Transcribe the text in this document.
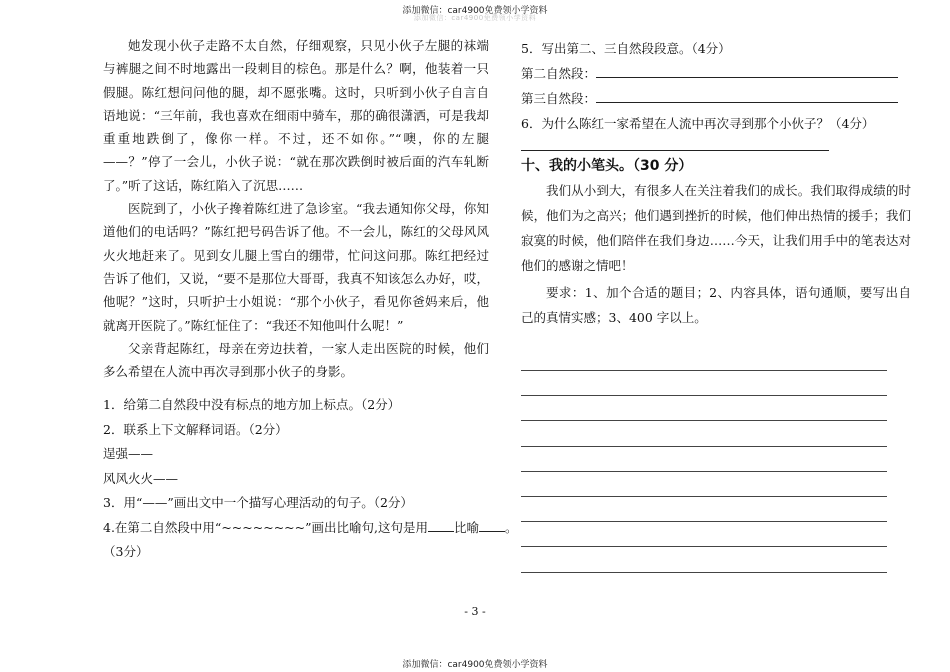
添加微信：car4900免费领小学资料
添加微信：car4900免费领小学资料

她发现小伙子走路不太自然，仔细观察，只见小伙子左腿的袜端与裤腿之间不时地露出一段刺目的棕色。那是什么？啊，他装着一只假腿。陈红想问问他的腿，却不愿张嘴。这时，只听到小伙子自言自语地说：“三年前，我也喜欢在细雨中骑车，那的确很潇洒，可是我却重重地跌倒了，像你一样。不过，还不如你。”“噢，你的左腿——？”停了一会儿，小伙子说：“就在那次跌倒时被后面的汽车轧断了。”听了这话，陈红陷入了沉思……

医院到了，小伙子搀着陈红进了急诊室。“我去通知你父母，你知道他们的电话吗？”陈红把号码告诉了他。不一会儿，陈红的父母风风火火地赶来了。见到女儿腿上雪白的绷带，忙问这问那。陈红把经过告诉了他们，又说，“要不是那位大哥哥，我真不知该怎么办好，哎，他呢？”这时，只听护士小姐说：“那个小伙子，看见你爸妈来后，他就离开医院了。”陈红怔住了：“我还不知他叫什么呢！”

父亲背起陈红，母亲在旁边扶着，一家人走出医院的时候，他们多么希望在人流中再次寻到那小伙子的身影。

1．给第二自然段中没有标点的地方加上标点。（2分）

2．联系上下文解释词语。（2分）

逞强——

风风火火——

3．用“——”画出文中一个描写心理活动的句子。（2分）

4.在第二自然段中用“~~~~~~~~”画出比喻句,这句是用 比喻 。

（3分）

5．写出第二、三自然段段意。（4分）

第二自然段：

第三自然段：

6．为什么陈红一家希望在人流中再次寻到那个小伙子？（4分）

十、我的小笔头。（30 分）

我们从小到大，有很多人在关注着我们的成长。我们取得成绩的时候，他们为之高兴；他们遇到挫折的时候，他们伸出热情的援手；我们寂寞的时候，他们陪伴在我们身边……今天，让我们用手中的笔表达对他们的感谢之情吧！

要求：1、加个合适的题目；2、内容具体，语句通顺，要写出自己的真情实感；3、400 字以上。

- 3 -
添加微信：car4900免费领小学资料
